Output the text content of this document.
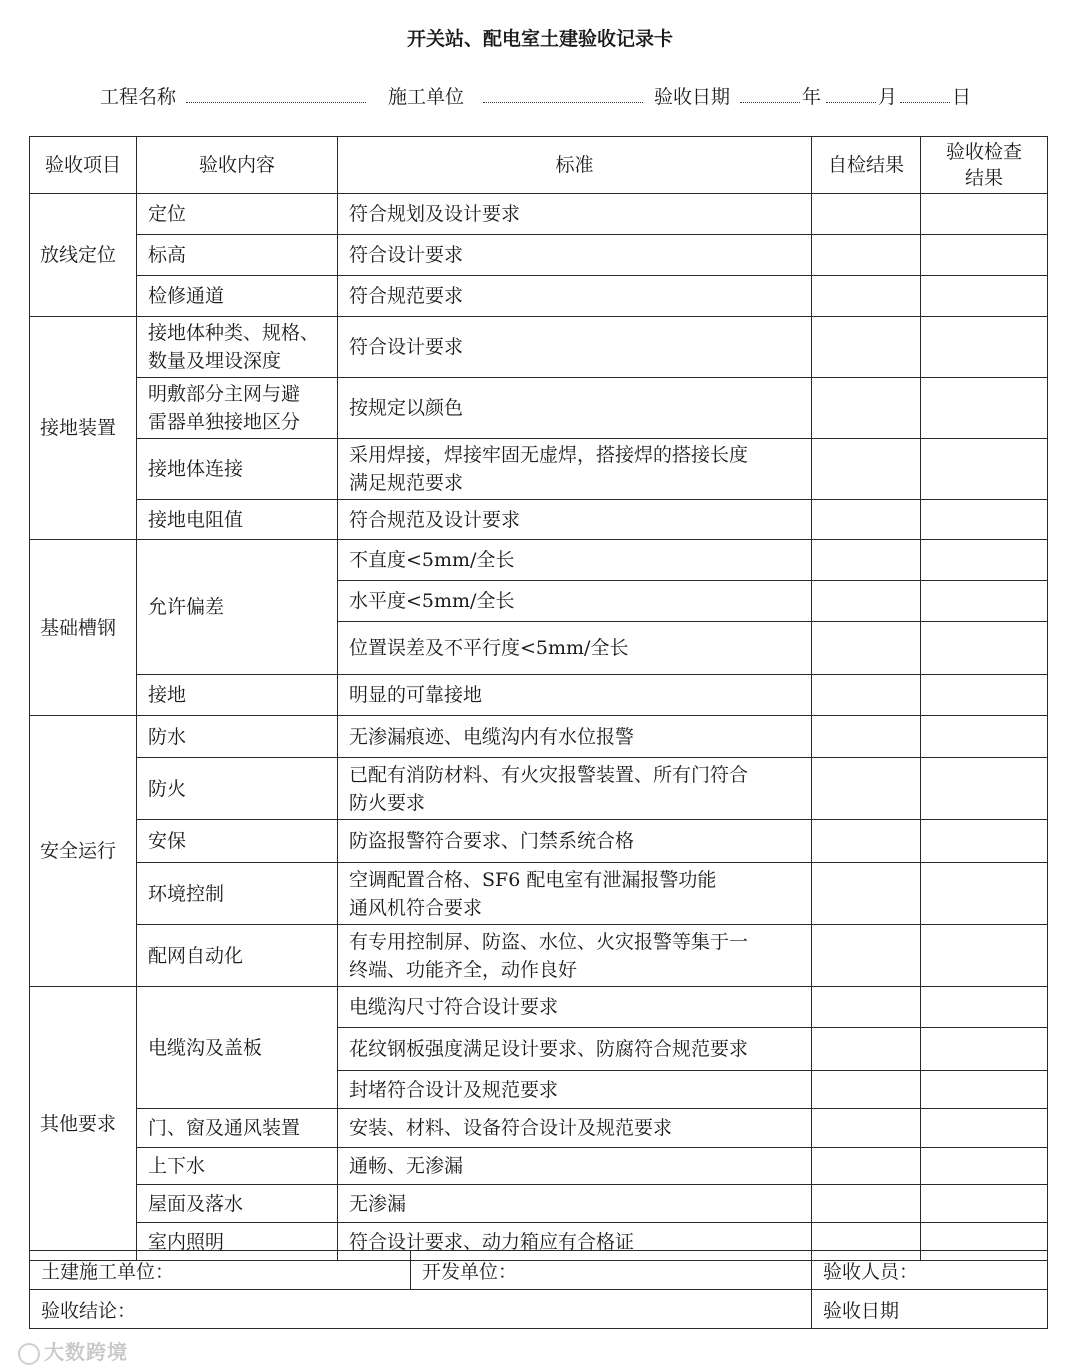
开关站、配电室土建验收记录卡
工程名称	施工单位	验收日期	年	月	日
验收项目	验收内容	标准	自检结果	验收检查
结果

放线定位	定位	符合规划及设计要求		
	标高	符合设计要求		
	检修通道	符合规范要求		
接地装置	接地体种类、规格、
数量及埋设深度	符合设计要求		

	明敷部分主网与避
雷器单独接地区分	按规定以颜色		
	接地体连接	采用焊接，焊接牢固无虚焊，搭接焊的搭接长度
满足规范要求		

	接地电阻值	符合规范及设计要求		
基础槽钢	允许偏差	不直度<5mm/全长		
		水平度<5mm/全长		
		位置误差及不平行度<5mm/全长		
	接地	明显的可靠接地		
安全运行	防水	无渗漏痕迹、电缆沟内有水位报警		
	防火	已配有消防材料、有火灾报警装置、所有门符合
防火要求		

	安保	防盗报警符合要求、门禁系统合格		
	环境控制	空调配置合格、SF6 配电室有泄漏报警功能
通风机符合要求		

	配网自动化	有专用控制屏、防盗、水位、火灾报警等集于一
终端、功能齐全，动作良好		

其他要求	电缆沟及盖板	电缆沟尺寸符合设计要求		
		花纹钢板强度满足设计要求、防腐符合规范要求		
		封堵符合设计及规范要求		
	门、窗及通风装置	安装、材料、设备符合设计及规范要求		
	上下水	通畅、无渗漏		
	屋面及落水	无渗漏		
	室内照明	符合设计要求、动力箱应有合格证		
土建施工单位：	开发单位：	验收人员：
验收结论：		验收日期
大数跨境
